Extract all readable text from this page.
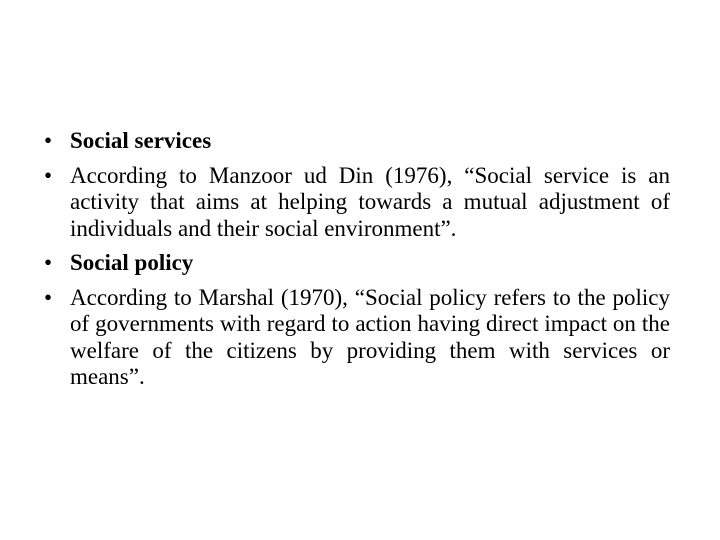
• Social services
• According to Manzoor ud Din (1976), “Social service is an activity that aims at helping towards a mutual adjustment of individuals and their social environment”.
• Social policy
• According to Marshal (1970), “Social policy refers to the policy of governments with regard to action having direct impact on the welfare of the citizens by providing them with services or means”.
